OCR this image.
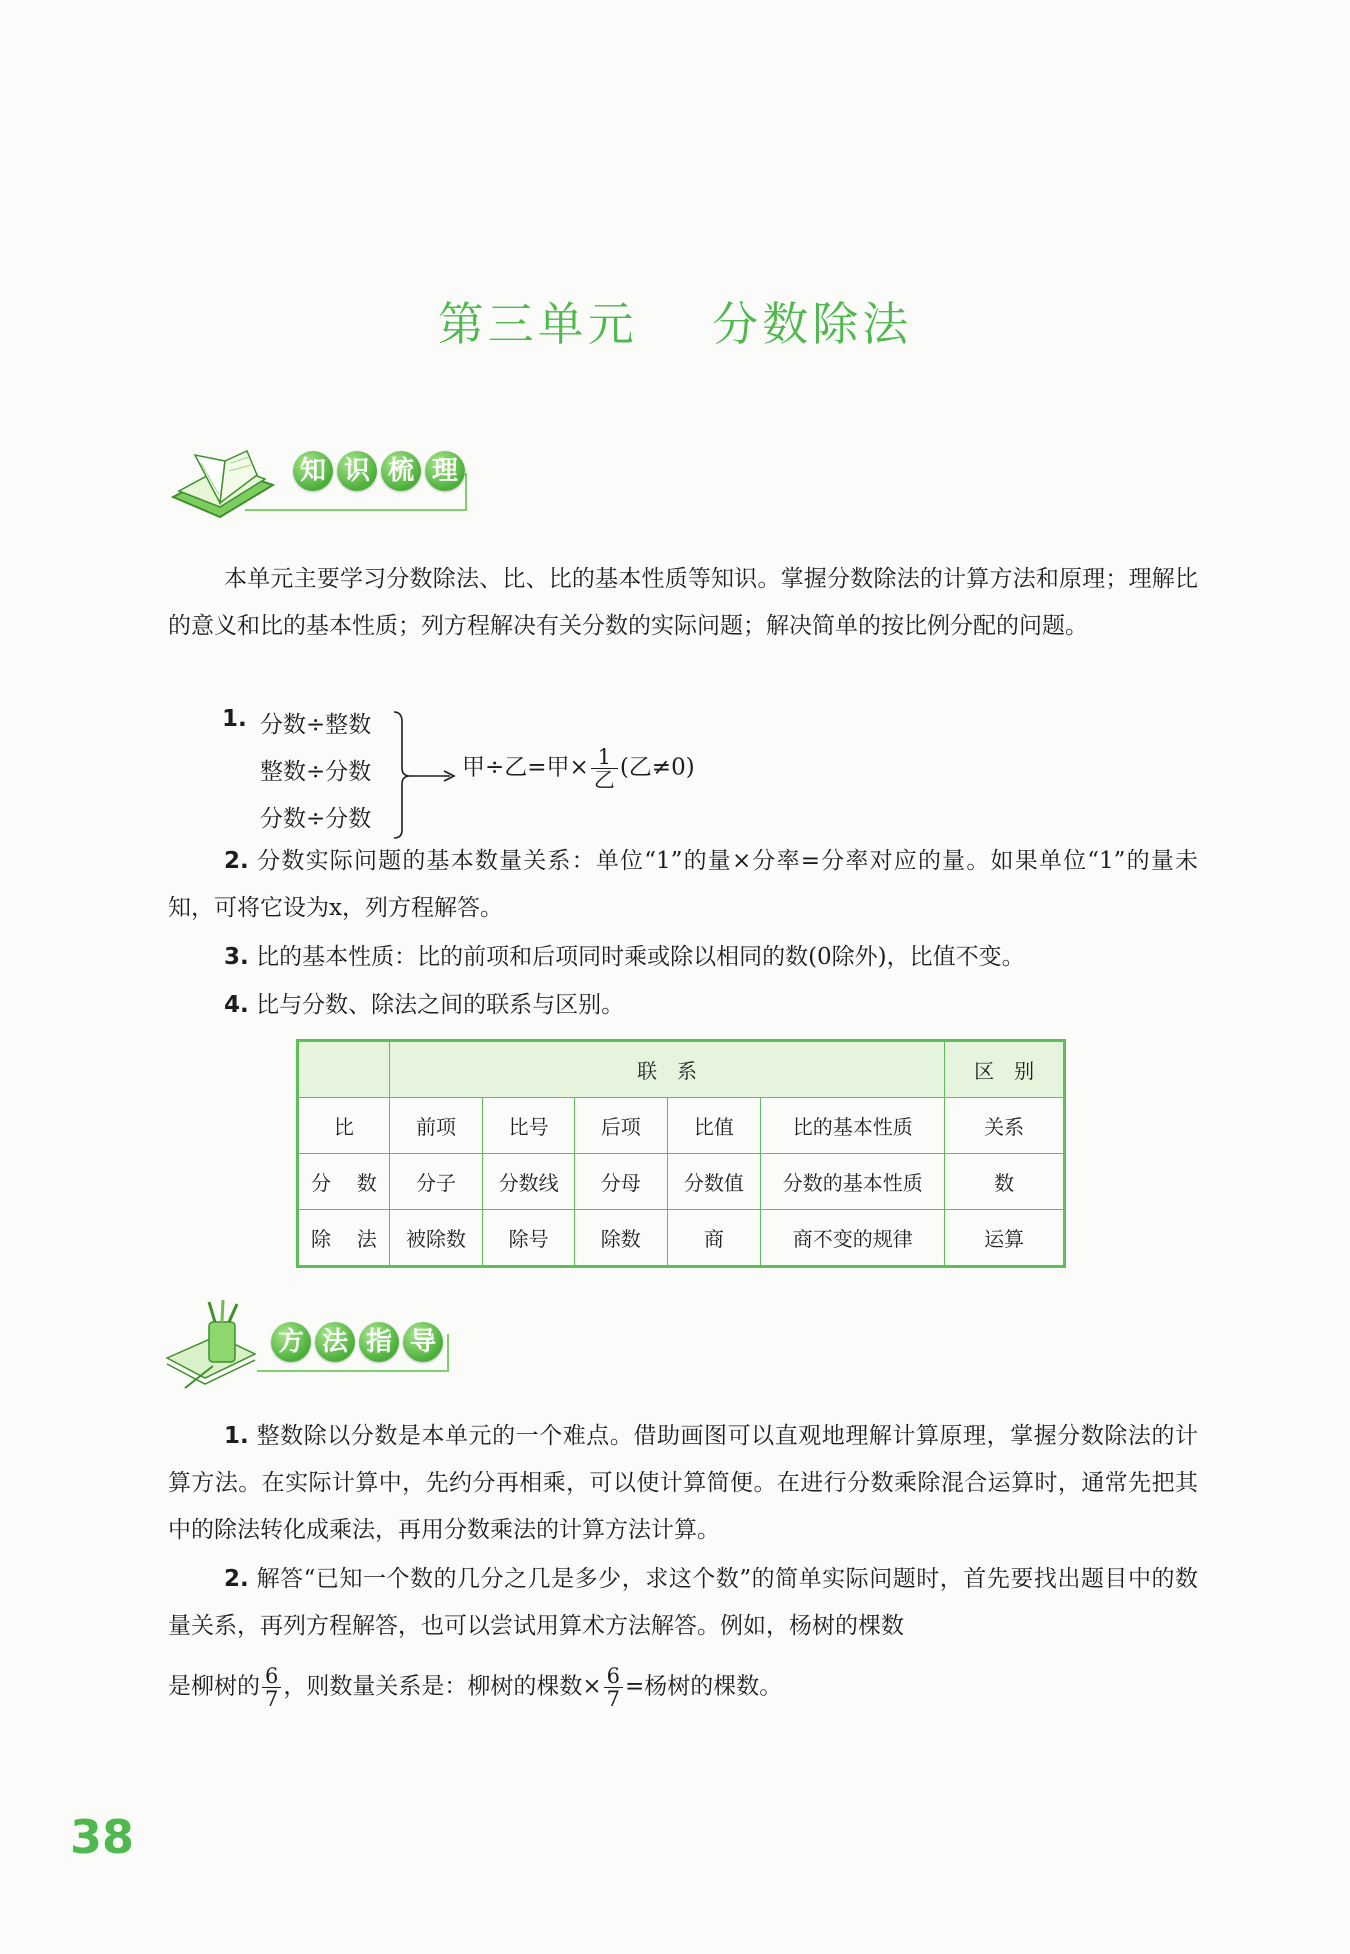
第三单元    分数除法
知 识 梳 理
本单元主要学习分数除法、比、比的基本性质等知识。掌握分数除法的计算方法和原理；理解比的意义和比的基本性质；列方程解决有关分数的实际问题；解决简单的按比例分配的问题。
1. 分数÷整数
整数÷分数
分数÷分数
甲÷乙=甲× $\frac{1}{\text{乙}}$ (乙≠0)
2. 分数实际问题的基本数量关系：单位“1”的量×分率=分率对应的量。如果单位“1”的量未知，可将它设为x，列方程解答。
3. 比的基本性质：比的前项和后项同时乘或除以相同的数(0除外)，比值不变。
4. 比与分数、除法之间的联系与区别。
	联　系					区　别
比	前项	比号	后项	比值	比的基本性质	关系
分数	分子	分数线	分母	分数值	分数的基本性质	数
除法	被除数	除号	除数	商	商不变的规律	运算
方 法 指 导
1. 整数除以分数是本单元的一个难点。借助画图可以直观地理解计算原理，掌握分数除法的计算方法。在实际计算中，先约分再相乘，可以使计算简便。在进行分数乘除混合运算时，通常先把其中的除法转化成乘法，再用分数乘法的计算方法计算。
2. 解答“已知一个数的几分之几是多少，求这个数”的简单实际问题时，首先要找出题目中的数量关系，再列方程解答，也可以尝试用算术方法解答。例如，杨树的棵数
是柳树的 $\frac{6}{7}$ ，则数量关系是：柳树的棵数× $\frac{6}{7}$ =杨树的棵数。
38
